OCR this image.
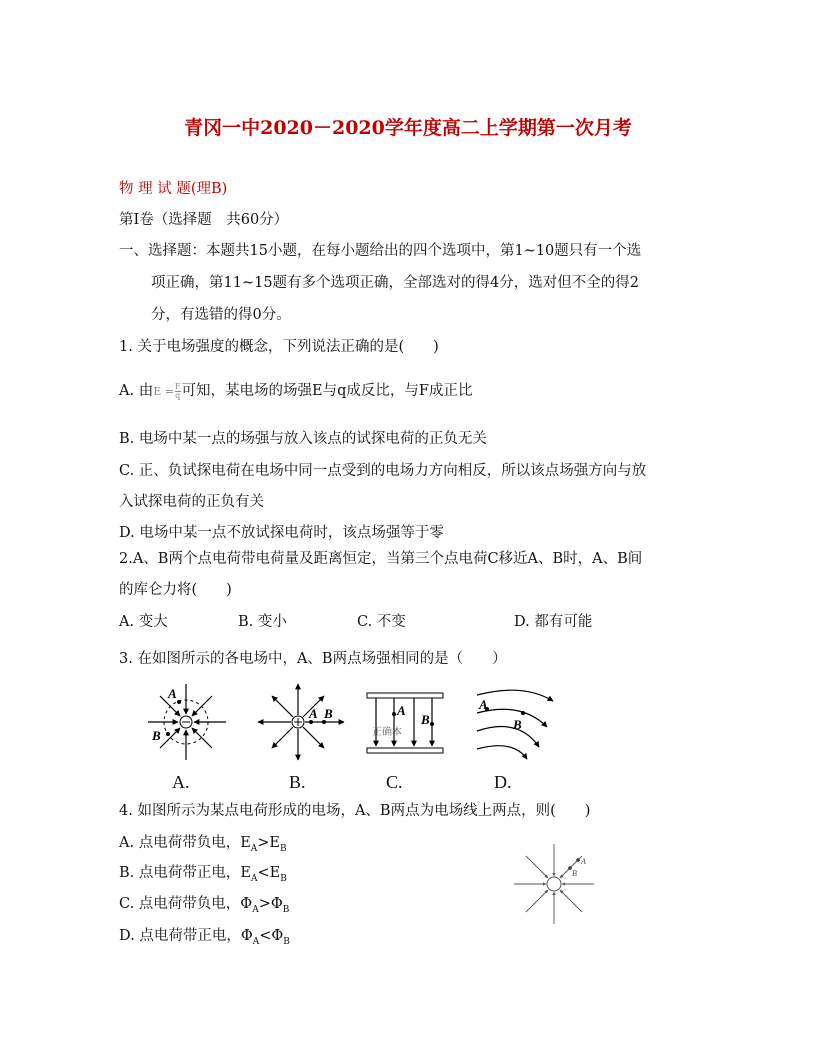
青冈一中2020－2020学年度高二上学期第一次月考
物 理 试 题(理B)
第Ⅰ卷（选择题　共60分）
一、选择题：本题共15小题，在每小题给出的四个选项中，第1~10题只有一个选
项正确，第11~15题有多个选项正确，全部选对的得4分，选对但不全的得2
分，有选错的得0分。
1. 关于电场强度的概念，下列说法正确的是(　　)
A. 由$E = \frac{F}{q}$ 可知，某电场的场强E与q成反比，与F成正比
B. 电场中某一点的场强与放入该点的试探电荷的正负无关
C. 正、负试探电荷在电场中同一点受到的电场力方向相反，所以该点场强方向与放
入试探电荷的正负有关
D. 电场中某一点不放试探电荷时，该点场强等于零
2.A、B两个点电荷带电荷量及距离恒定，当第三个点电荷C移近A、B时，A、B间
的库仑力将(　　)
A. 变大	B. 变小	C. 不变	D. 都有可能
3. 在如图所示的各电场中，A、B两点场强相同的是（　　）
A
B
A B	A
B
正确本
A
B
A.	B.	C.	D.
4. 如图所示为某点电荷形成的电场，A、B两点为电场线上两点，则(　　)
A. 点电荷带负电，$E_A>E_B$
B. 点电荷带正电，$E_A<E_B$
C. 点电荷带负电，$\Phi_A>\Phi_B$
D. 点电荷带正电，$\Phi_A<\Phi_B$
A
B
